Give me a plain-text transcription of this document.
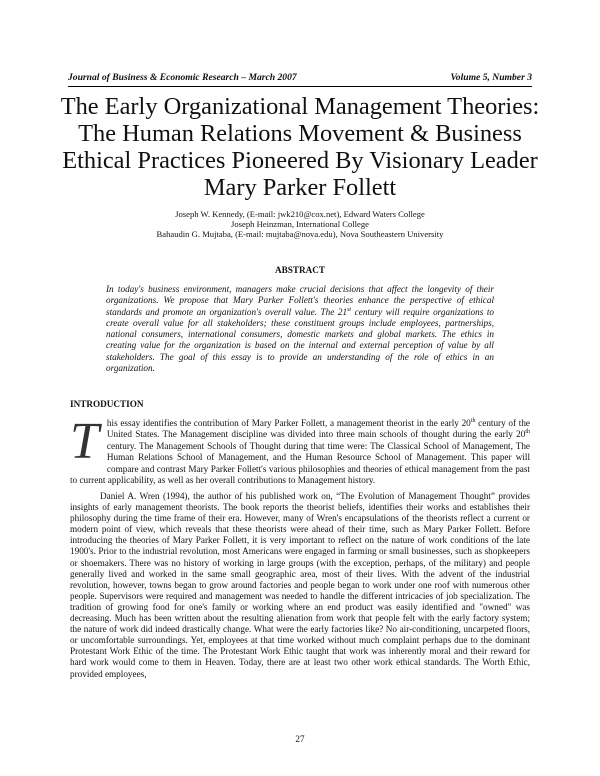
Journal of Business & Economic Research – March 2007	Volume 5, Number 3
The Early Organizational Management Theories: The Human Relations Movement & Business Ethical Practices Pioneered By Visionary Leader Mary Parker Follett
Joseph W. Kennedy, (E-mail: jwk210@cox.net), Edward Waters College
Joseph Heinzman, International College
Bahaudin G. Mujtaba, (E-mail: mujtaba@nova.edu), Nova Southeastern University
ABSTRACT
In today's business environment, managers make crucial decisions that affect the longevity of their organizations. We propose that Mary Parker Follett's theories enhance the perspective of ethical standards and promote an organization's overall value. The 21st century will require organizations to create overall value for all stakeholders; these constituent groups include employees, partnerships, national consumers, international consumers, domestic markets and global markets. The ethics in creating value for the organization is based on the internal and external perception of value by all stakeholders. The goal of this essay is to provide an understanding of the role of ethics in an organization.
INTRODUCTION
This essay identifies the contribution of Mary Parker Follett, a management theorist in the early 20th century of the United States. The Management discipline was divided into three main schools of thought during the early 20th century. The Management Schools of Thought during that time were: The Classical School of Management, The Human Relations School of Management, and the Human Resource School of Management. This paper will compare and contrast Mary Parker Follett's various philosophies and theories of ethical management from the past to current applicability, as well as her overall contributions to Management history.
Daniel A. Wren (1994), the author of his published work on, “The Evolution of Management Thought” provides insights of early management theorists. The book reports the theorist beliefs, identifies their works and establishes their philosophy during the time frame of their era. However, many of Wren's encapsulations of the theorists reflect a current or modern point of view, which reveals that these theorists were ahead of their time, such as Mary Parker Follett. Before introducing the theories of Mary Parker Follett, it is very important to reflect on the nature of work conditions of the late 1900's. Prior to the industrial revolution, most Americans were engaged in farming or small businesses, such as shopkeepers or shoemakers. There was no history of working in large groups (with the exception, perhaps, of the military) and people generally lived and worked in the same small geographic area, most of their lives. With the advent of the industrial revolution, however, towns began to grow around factories and people began to work under one roof with numerous other people. Supervisors were required and management was needed to handle the different intricacies of job specialization. The tradition of growing food for one's family or working where an end product was easily identified and "owned" was decreasing. Much has been written about the resulting alienation from work that people felt with the early factory system; the nature of work did indeed drastically change. What were the early factories like? No air-conditioning, uncarpeted floors, or uncomfortable surroundings. Yet, employees at that time worked without much complaint perhaps due to the dominant Protestant Work Ethic of the time. The Protestant Work Ethic taught that work was inherently moral and their reward for hard work would come to them in Heaven. Today, there are at least two other work ethical standards. The Worth Ethic, provided employees,
27
